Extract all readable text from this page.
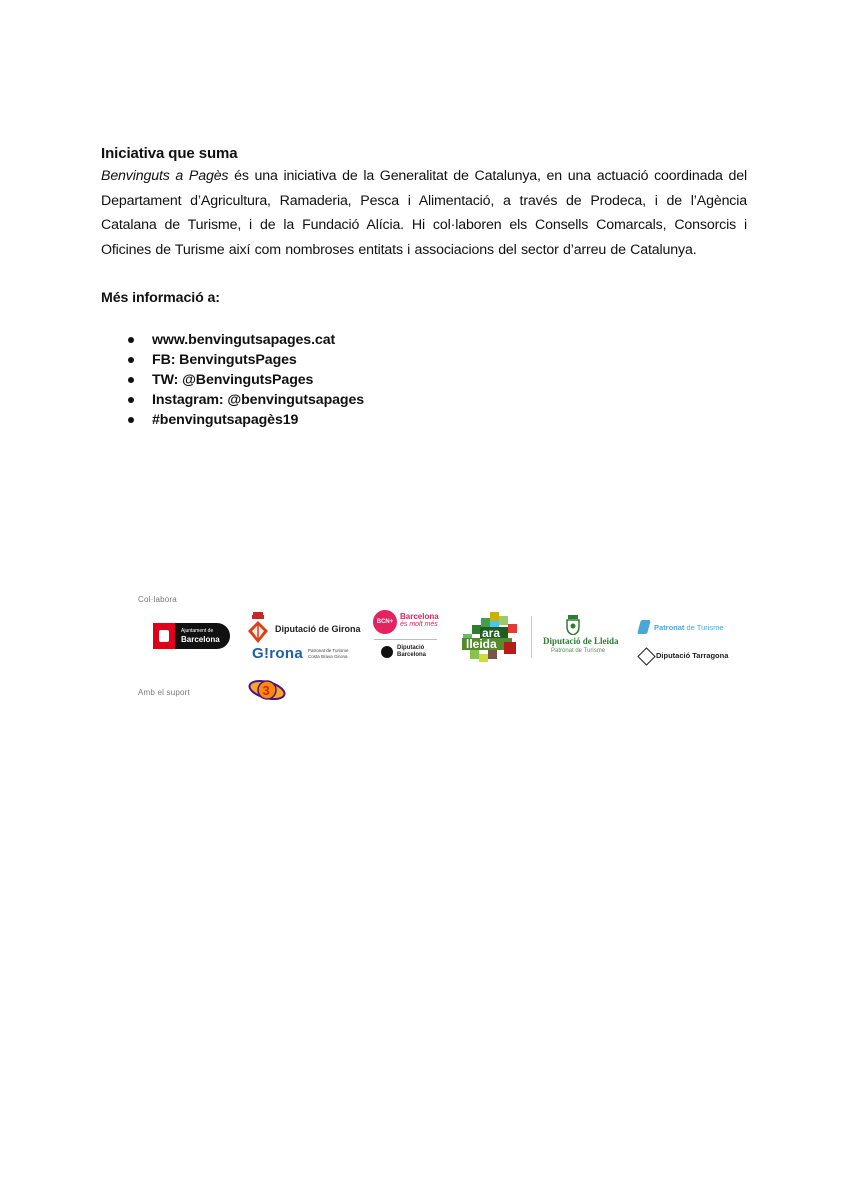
Iniciativa que suma
Benvinguts a Pagès és una iniciativa de la Generalitat de Catalunya, en una actuació coordinada del Departament d’Agricultura, Ramaderia, Pesca i Alimentació, a través de Prodeca, i de l’Agència Catalana de Turisme, i de la Fundació Alícia. Hi col·laboren els Consells Comarcals, Consorcis i Oficines de Turisme així com nombroses entitats i associacions del sector d’arreu de Catalunya.
Més informació a:
www.benvingutsapages.cat
FB: BenvingutsPages
TW: @BenvingutsPages
Instagram: @benvingutsapages
#benvingutsapagès19
Col·labora
Amb el suport
Ajuntament de
Barcelona
Diputació de Girona
G!rona Patronat de Turisme
Costa Brava Girona
BCN+
Barcelona
és molt més
Diputació
Barcelona
ara
lleida	Diputació de Lleida
Patronat de Turisme
Patronat de Turisme
Diputació Tarragona
3
